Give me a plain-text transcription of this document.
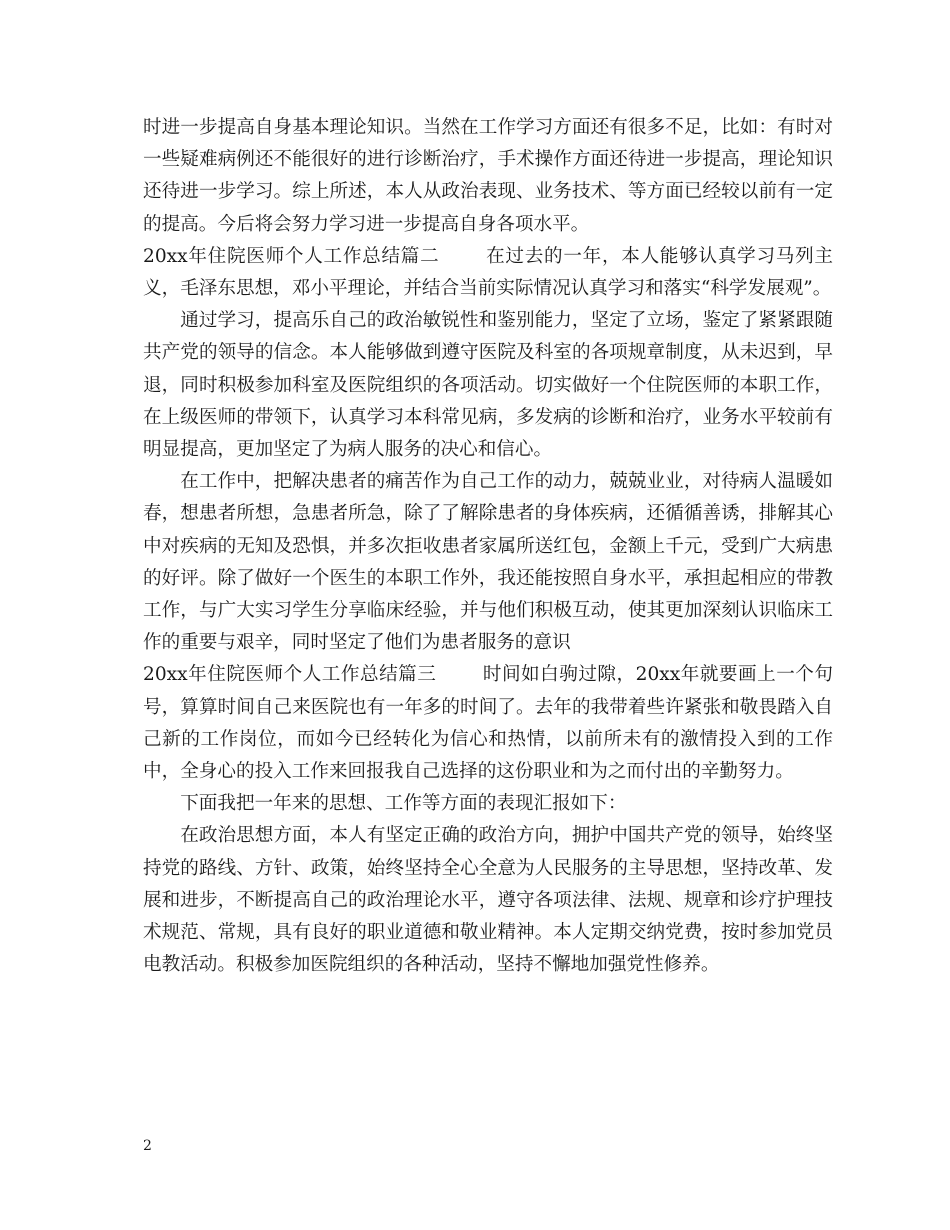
时进一步提高自身基本理论知识。当然在工作学习方面还有很多不足，比如：有时对一些疑难病例还不能很好的进行诊断治疗，手术操作方面还待进一步提高，理论知识还待进一步学习。综上所述，本人从政治表现、业务技术、等方面已经较以前有一定的提高。今后将会努力学习进一步提高自身各项水平。

20xx年住院医师个人工作总结篇二 在过去的一年，本人能够认真学习马列主义，毛泽东思想，邓小平理论，并结合当前实际情况认真学习和落实“科学发展观”。

通过学习，提高乐自己的政治敏锐性和鉴别能力，坚定了立场，鉴定了紧紧跟随共产党的领导的信念。本人能够做到遵守医院及科室的各项规章制度，从未迟到，早退，同时积极参加科室及医院组织的各项活动。切实做好一个住院医师的本职工作，在上级医师的带领下，认真学习本科常见病，多发病的诊断和治疗，业务水平较前有明显提高，更加坚定了为病人服务的决心和信心。

在工作中，把解决患者的痛苦作为自己工作的动力，兢兢业业，对待病人温暖如春，想患者所想，急患者所急，除了了解除患者的身体疾病，还循循善诱，排解其心中对疾病的无知及恐惧，并多次拒收患者家属所送红包，金额上千元，受到广大病患的好评。除了做好一个医生的本职工作外，我还能按照自身水平，承担起相应的带教工作，与广大实习学生分享临床经验，并与他们积极互动，使其更加深刻认识临床工作的重要与艰辛，同时坚定了他们为患者服务的意识

20xx年住院医师个人工作总结篇三 时间如白驹过隙，20xx年就要画上一个句号，算算时间自己来医院也有一年多的时间了。去年的我带着些许紧张和敬畏踏入自己新的工作岗位，而如今已经转化为信心和热情，以前所未有的激情投入到的工作中，全身心的投入工作来回报我自己选择的这份职业和为之而付出的辛勤努力。

下面我把一年来的思想、工作等方面的表现汇报如下：

在政治思想方面，本人有坚定正确的政治方向，拥护中国共产党的领导，始终坚持党的路线、方针、政策，始终坚持全心全意为人民服务的主导思想，坚持改革、发展和进步，不断提高自己的政治理论水平，遵守各项法律、法规、规章和诊疗护理技术规范、常规，具有良好的职业道德和敬业精神。本人定期交纳党费，按时参加党员电教活动。积极参加医院组织的各种活动，坚持不懈地加强党性修养。

2
